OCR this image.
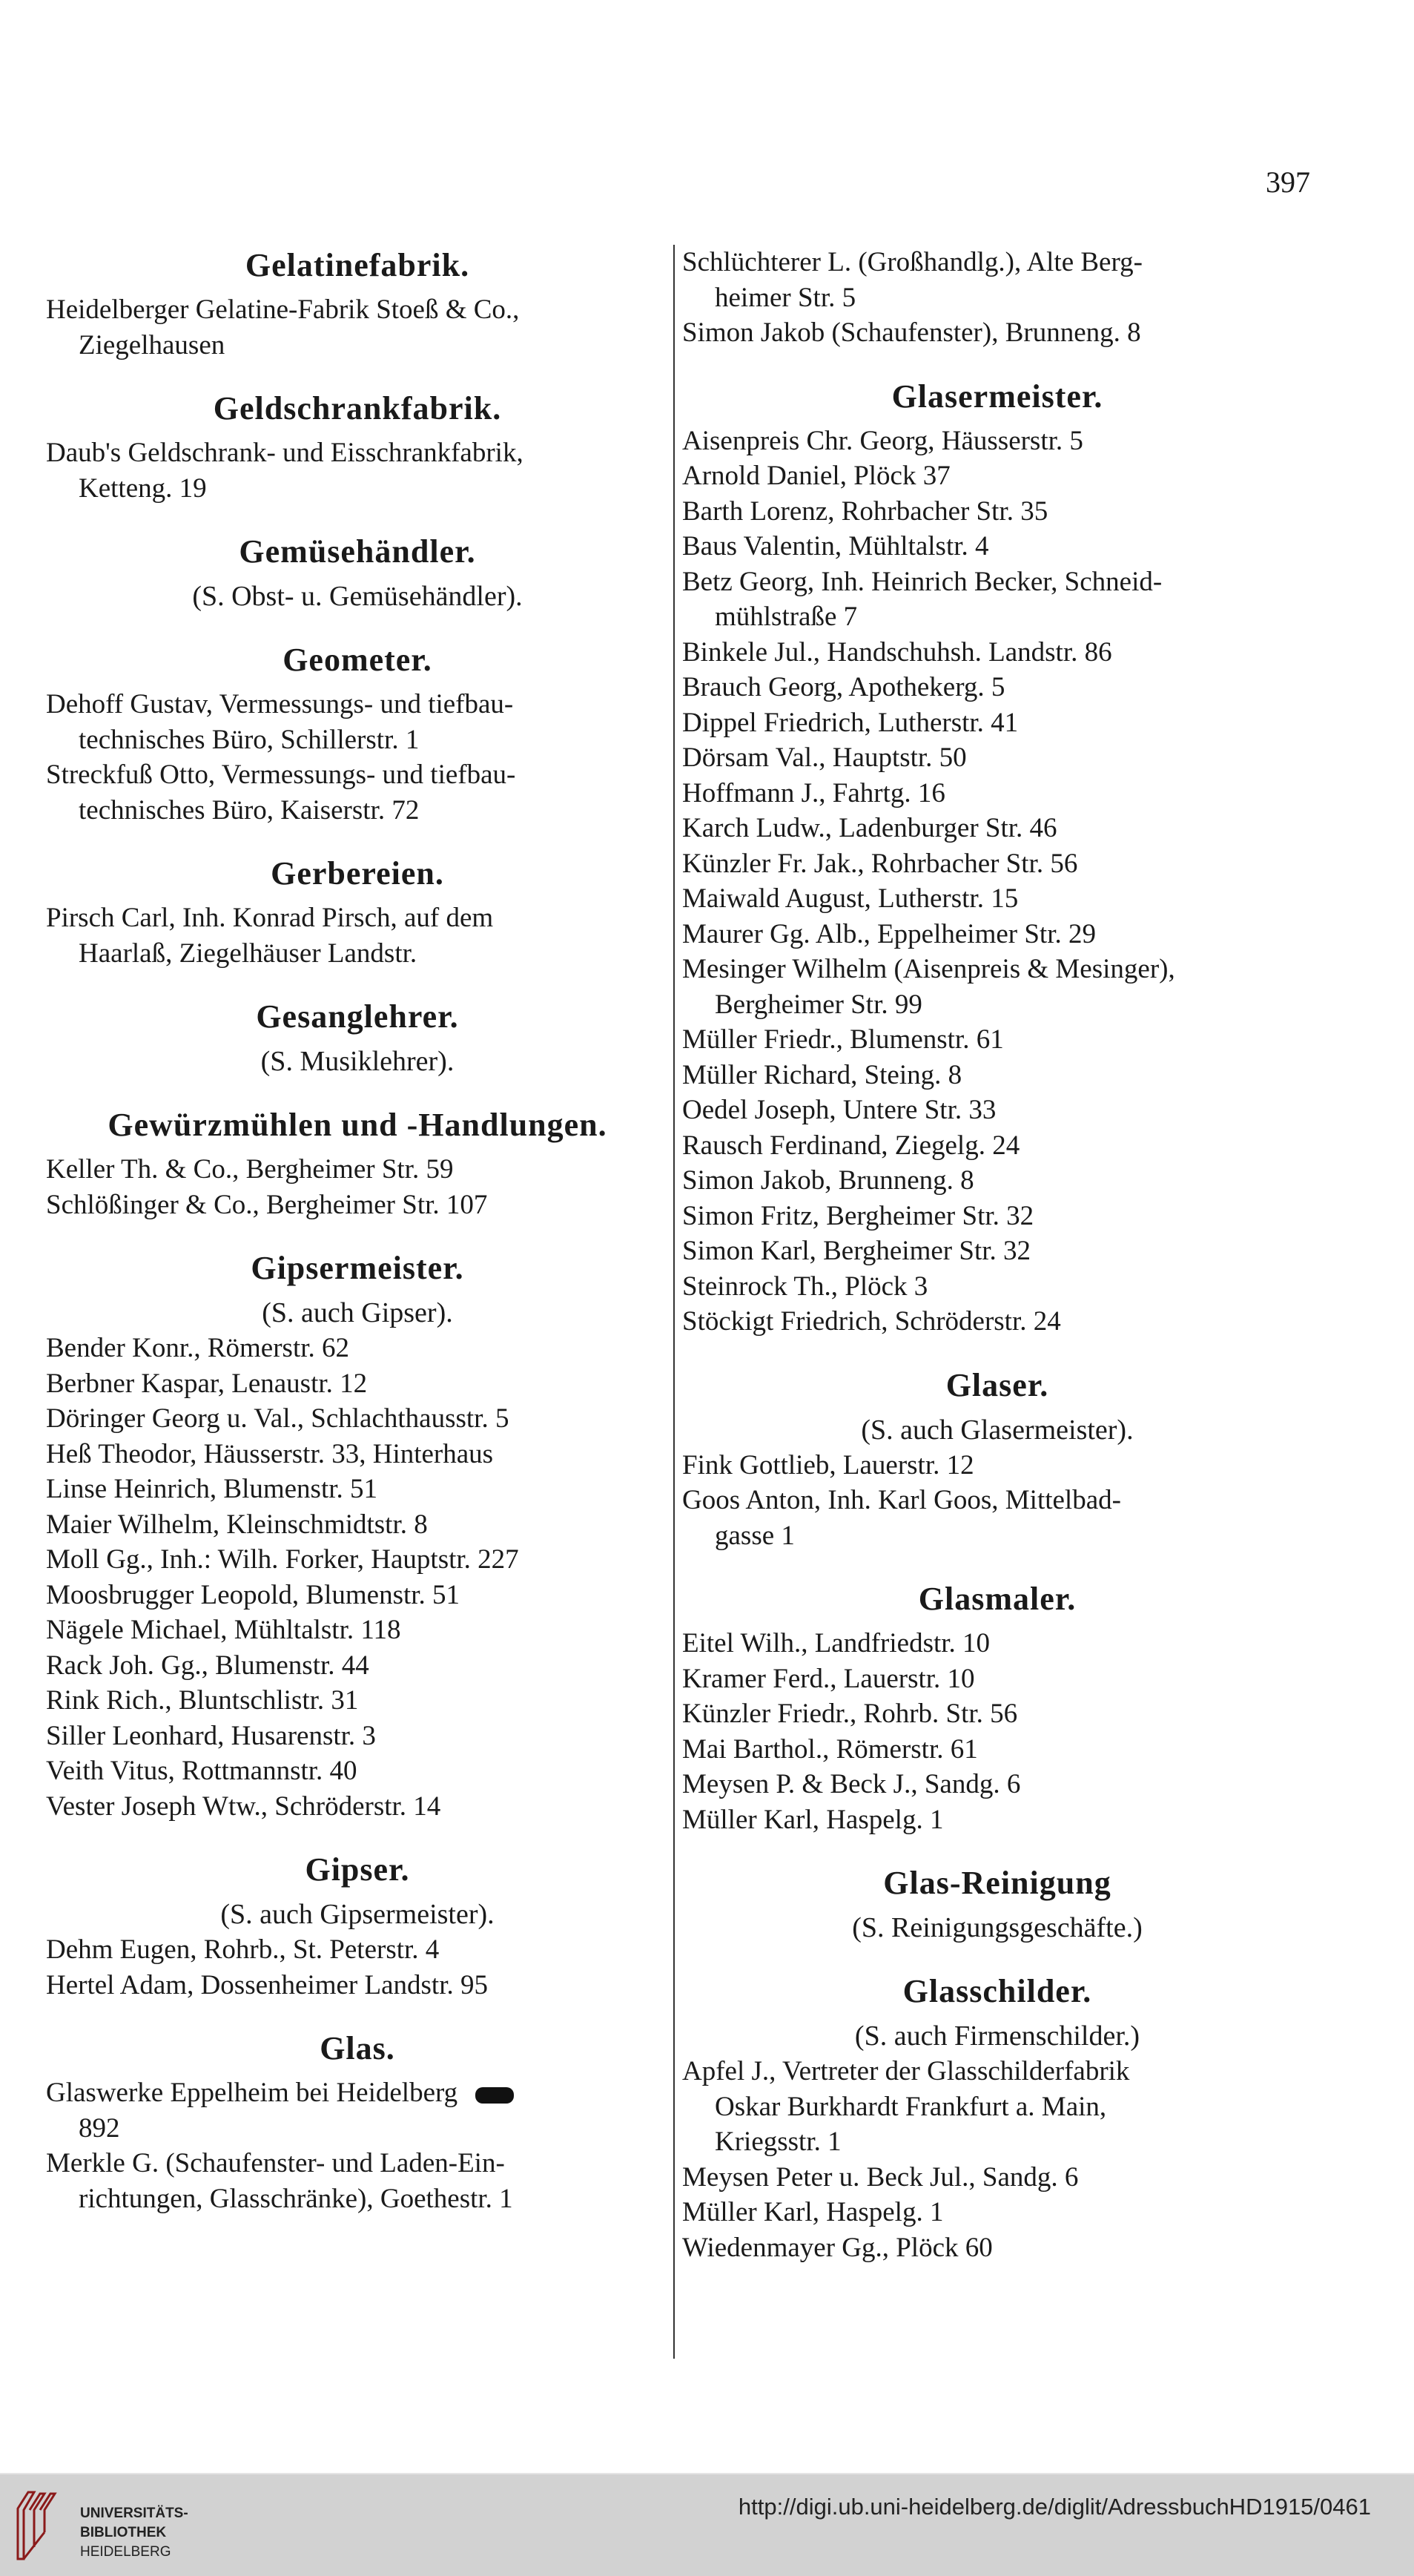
397
Gelatinefabrik.
Heidelberger Gelatine-Fabrik Stoeß & Co.,
Ziegelhausen
Geldschrankfabrik.
Daub's Geldschrank- und Eisschrankfabrik,
Ketteng. 19
Gemüsehändler.
(S. Obst- u. Gemüsehändler).
Geometer.
Dehoff Gustav, Vermessungs- und tiefbau-
technisches Büro, Schillerstr. 1
Streckfuß Otto, Vermessungs- und tiefbau-
technisches Büro, Kaiserstr. 72
Gerbereien.
Pirsch Carl, Inh. Konrad Pirsch, auf dem
Haarlaß, Ziegelhäuser Landstr.
Gesanglehrer.
(S. Musiklehrer).
Gewürzmühlen und -Handlungen.
Keller Th. & Co., Bergheimer Str. 59
Schlößinger & Co., Bergheimer Str. 107
Gipsermeister.
(S. auch Gipser).
Bender Konr., Römerstr. 62
Berbner Kaspar, Lenaustr. 12
Döringer Georg u. Val., Schlachthausstr. 5
Heß Theodor, Häusserstr. 33, Hinterhaus
Linse Heinrich, Blumenstr. 51
Maier Wilhelm, Kleinschmidtstr. 8
Moll Gg., Inh.: Wilh. Forker, Hauptstr. 227
Moosbrugger Leopold, Blumenstr. 51
Nägele Michael, Mühltalstr. 118
Rack Joh. Gg., Blumenstr. 44
Rink Rich., Bluntschlistr. 31
Siller Leonhard, Husarenstr. 3
Veith Vitus, Rottmannstr. 40
Vester Joseph Wtw., Schröderstr. 14
Gipser.
(S. auch Gipsermeister).
Dehm Eugen, Rohrb., St. Peterstr. 4
Hertel Adam, Dossenheimer Landstr. 95
Glas.
Glaswerke Eppelheim bei Heidelberg
892
Merkle G. (Schaufenster- und Laden-Ein-
richtungen, Glasschränke), Goethestr. 1
Schlüchterer L. (Großhandlg.), Alte Berg-
heimer Str. 5
Simon Jakob (Schaufenster), Brunneng. 8
Glasermeister.
Aisenpreis Chr. Georg, Häusserstr. 5
Arnold Daniel, Plöck 37
Barth Lorenz, Rohrbacher Str. 35
Baus Valentin, Mühltalstr. 4
Betz Georg, Inh. Heinrich Becker, Schneid-
mühlstraße 7
Binkele Jul., Handschuhsh. Landstr. 86
Brauch Georg, Apothekerg. 5
Dippel Friedrich, Lutherstr. 41
Dörsam Val., Hauptstr. 50
Hoffmann J., Fahrtg. 16
Karch Ludw., Ladenburger Str. 46
Künzler Fr. Jak., Rohrbacher Str. 56
Maiwald August, Lutherstr. 15
Maurer Gg. Alb., Eppelheimer Str. 29
Mesinger Wilhelm (Aisenpreis & Mesinger),
Bergheimer Str. 99
Müller Friedr., Blumenstr. 61
Müller Richard, Steing. 8
Oedel Joseph, Untere Str. 33
Rausch Ferdinand, Ziegelg. 24
Simon Jakob, Brunneng. 8
Simon Fritz, Bergheimer Str. 32
Simon Karl, Bergheimer Str. 32
Steinrock Th., Plöck 3
Stöckigt Friedrich, Schröderstr. 24
Glaser.
(S. auch Glasermeister).
Fink Gottlieb, Lauerstr. 12
Goos Anton, Inh. Karl Goos, Mittelbad-
gasse 1
Glasmaler.
Eitel Wilh., Landfriedstr. 10
Kramer Ferd., Lauerstr. 10
Künzler Friedr., Rohrb. Str. 56
Mai Barthol., Römerstr. 61
Meysen P. & Beck J., Sandg. 6
Müller Karl, Haspelg. 1
Glas-Reinigung
(S. Reinigungsgeschäfte.)
Glasschilder.
(S. auch Firmenschilder.)
Apfel J., Vertreter der Glasschilderfabrik
Oskar Burkhardt Frankfurt a. Main,
Kriegsstr. 1
Meysen Peter u. Beck Jul., Sandg. 6
Müller Karl, Haspelg. 1
Wiedenmayer Gg., Plöck 60
UNIVERSITÄTS-
BIBLIOTHEK
HEIDELBERG
http://digi.ub.uni-heidelberg.de/diglit/AdressbuchHD1915/0461
